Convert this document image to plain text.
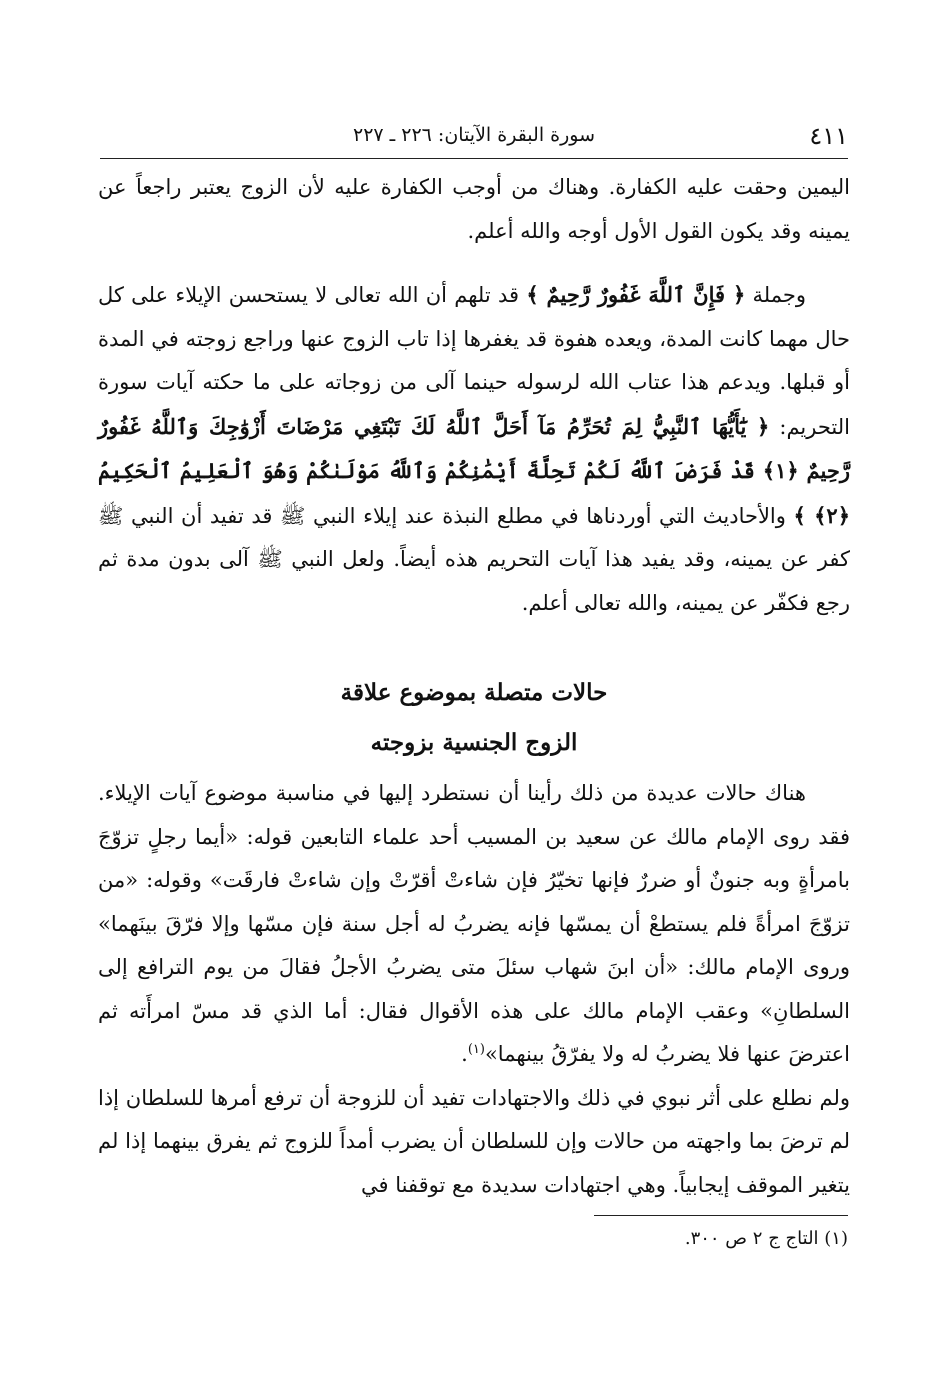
٤١١
سورة البقرة الآيتان: ٢٢٦ ـ ٢٢٧

اليمين وحقت عليه الكفارة. وهناك من أوجب الكفارة عليه لأن الزوج يعتبر راجعاً عن يمينه وقد يكون القول الأول أوجه والله أعلم.

وجملة ﴿ فَإِنَّ ٱللَّهَ غَفُورٌ رَّحِيمٌ ﴾ قد تلهم أن الله تعالى لا يستحسن الإيلاء على كل حال مهما كانت المدة، ويعده هفوة قد يغفرها إذا تاب الزوج عنها وراجع زوجته في المدة أو قبلها. ويدعم هذا عتاب الله لرسوله حينما آلى من زوجاته على ما حكته آيات سورة التحريم: ﴿ يَٰٓأَيُّهَا ٱلنَّبِيُّ لِمَ تُحَرِّمُ مَآ أَحَلَّ ٱللَّهُ لَكَ تَبْتَغِي مَرْضَاتَ أَزْوَٰجِكَ وَٱللَّهُ غَفُورٌ رَّحِيمٌ ﴿١﴾ قَدْ فَرَضَ ٱللَّهُ لَكُمْ تَحِلَّةَ أَيْمَٰنِكُمْ وَٱللَّهُ مَوْلَىٰكُمْ وَهُوَ ٱلْعَلِيمُ ٱلْحَكِيمُ ﴿٢﴾ ﴾ والأحاديث التي أوردناها في مطلع النبذة عند إيلاء النبي ﷺ قد تفيد أن النبي ﷺ كفر عن يمينه، وقد يفيد هذا آيات التحريم هذه أيضاً. ولعل النبي ﷺ آلى بدون مدة ثم رجع فكفّر عن يمينه، والله تعالى أعلم.

حالات متصلة بموضوع علاقة
الزوج الجنسية بزوجته

هناك حالات عديدة من ذلك رأينا أن نستطرد إليها في مناسبة موضوع آيات الإيلاء. فقد روى الإمام مالك عن سعيد بن المسيب أحد علماء التابعين قوله: «أيما رجلٍ تزوّجَ بامرأةٍ وبه جنونٌ أو ضررٌ فإنها تخيّرُ فإن شاءتْ أقرّتْ وإن شاءتْ فارقَت» وقوله: «من تزوّجَ امرأةً فلم يستطعْ أن يمسّها فإنه يضربُ له أجل سنة فإن مسّها وإلا فرّقَ بينَهما» وروى الإمام مالك: «أن ابنَ شهاب سئلَ متى يضربُ الأجلُ فقالَ من يوم الترافع إلى السلطانِ» وعقب الإمام مالك على هذه الأقوال فقال: أما الذي قد مسّ امرأَته ثم اعترضَ عنها فلا يضربُ له ولا يفرّقُ بينهما»$^{(١)}$.

ولم نطلع على أثر نبوي في ذلك والاجتهادات تفيد أن للزوجة أن ترفع أمرها للسلطان إذا لم ترضَ بما واجهته من حالات وإن للسلطان أن يضرب أمداً للزوج ثم يفرق بينهما إذا لم يتغير الموقف إيجابياً. وهي اجتهادات سديدة مع توقفنا في

(١) التاج ج ٢ ص ٣٠٠.
